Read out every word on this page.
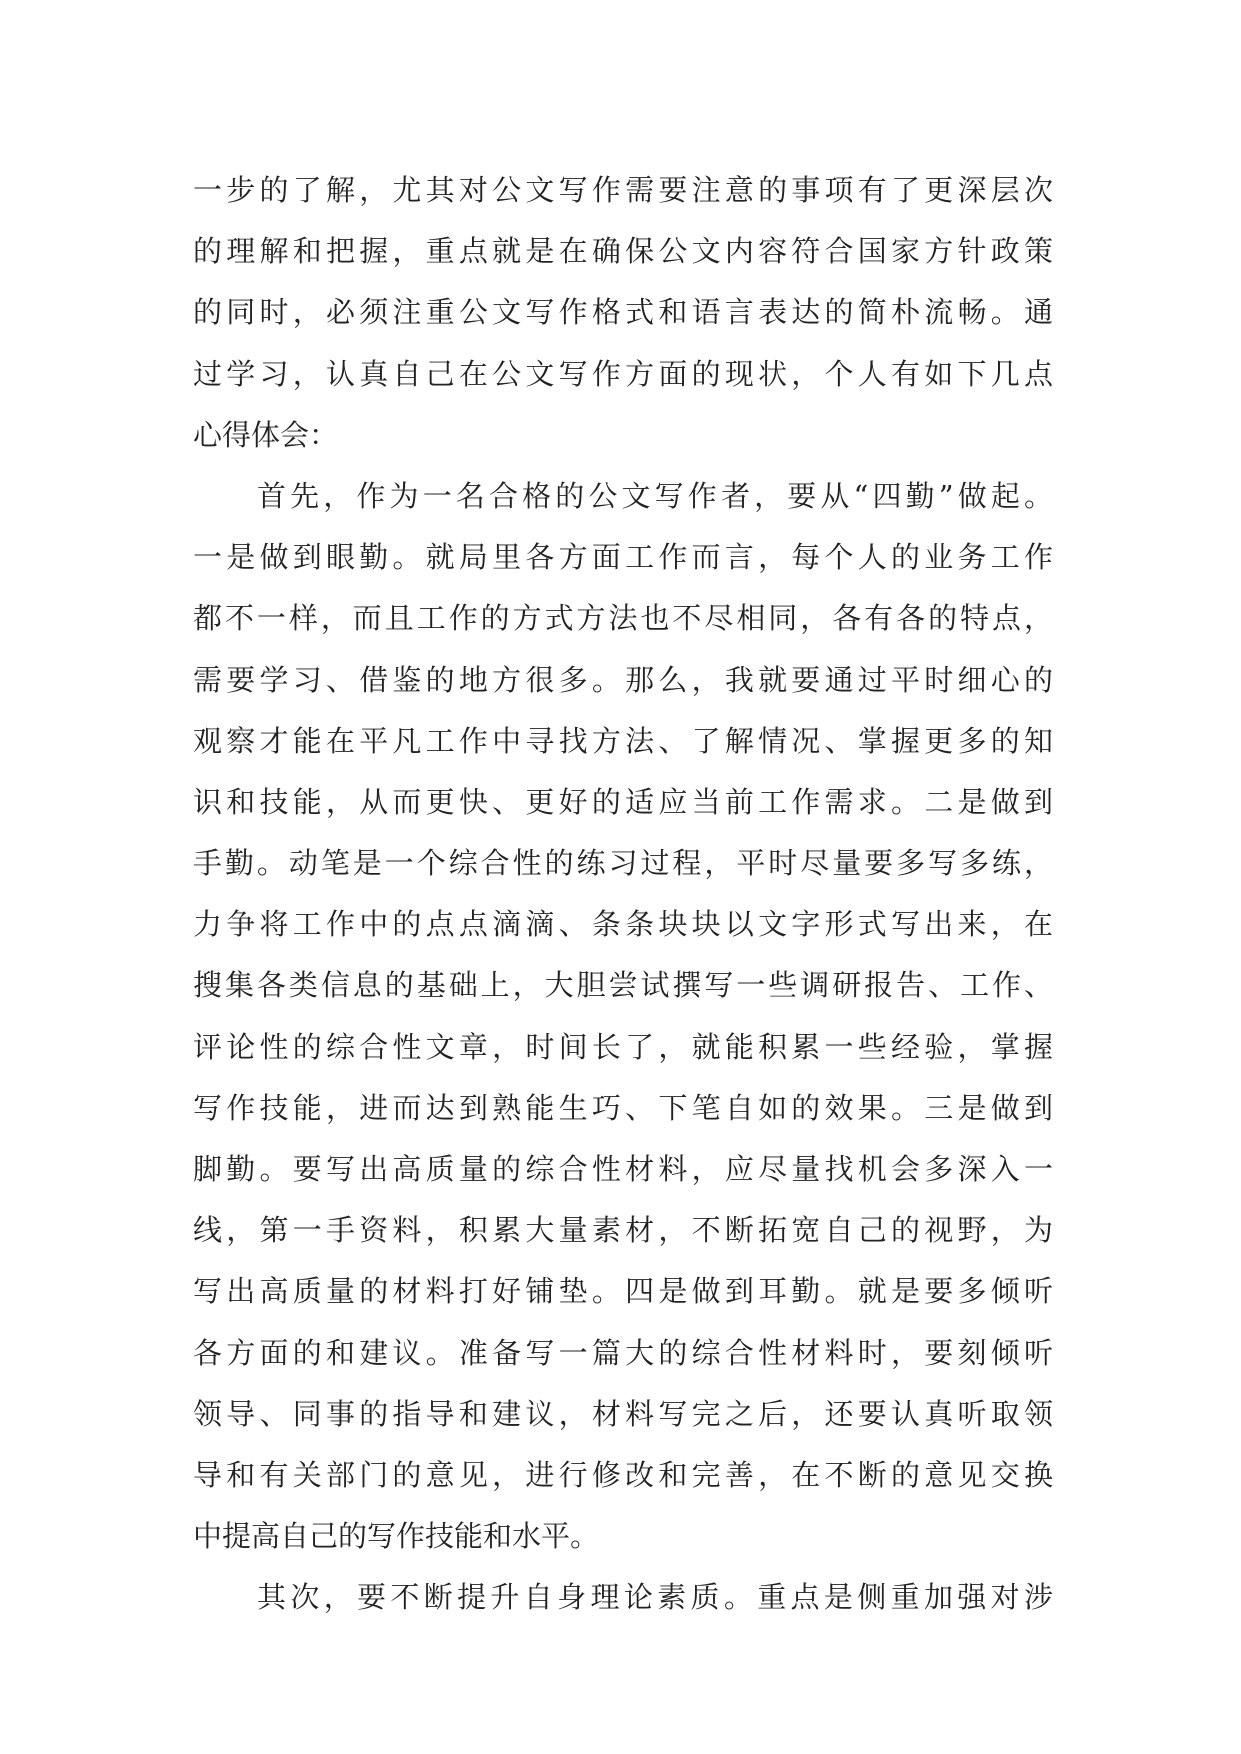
一步的了解，尤其对公文写作需要注意的事项有了更深层次
的理解和把握，重点就是在确保公文内容符合国家方针政策
的同时，必须注重公文写作格式和语言表达的简朴流畅。通
过学习，认真自己在公文写作方面的现状，个人有如下几点
心得体会：
首先，作为一名合格的公文写作者，要从“四勤”做起。
一是做到眼勤。就局里各方面工作而言，每个人的业务工作
都不一样，而且工作的方式方法也不尽相同，各有各的特点，
需要学习、借鉴的地方很多。那么，我就要通过平时细心的
观察才能在平凡工作中寻找方法、了解情况、掌握更多的知
识和技能，从而更快、更好的适应当前工作需求。二是做到
手勤。动笔是一个综合性的练习过程，平时尽量要多写多练，
力争将工作中的点点滴滴、条条块块以文字形式写出来，在
搜集各类信息的基础上，大胆尝试撰写一些调研报告、工作、
评论性的综合性文章，时间长了，就能积累一些经验，掌握
写作技能，进而达到熟能生巧、下笔自如的效果。三是做到
脚勤。要写出高质量的综合性材料，应尽量找机会多深入一
线，第一手资料，积累大量素材，不断拓宽自己的视野，为
写出高质量的材料打好铺垫。四是做到耳勤。就是要多倾听
各方面的和建议。准备写一篇大的综合性材料时，要刻倾听
领导、同事的指导和建议，材料写完之后，还要认真听取领
导和有关部门的意见，进行修改和完善，在不断的意见交换
中提高自己的写作技能和水平。
其次，要不断提升自身理论素质。重点是侧重加强对涉
